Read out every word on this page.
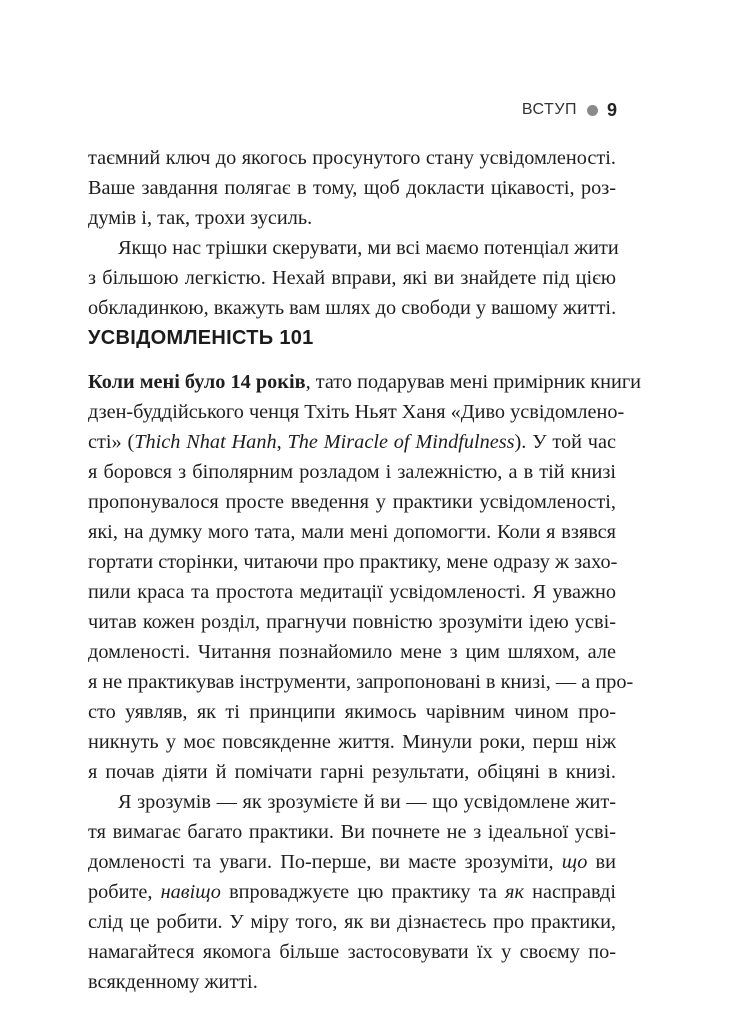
ВСТУП 9
таємний ключ до якогось просунутого стану усвідомленості.
Ваше завдання полягає в тому, щоб докласти цікавості, роз-
думів і, так, трохи зусиль.
Якщо нас трішки скерувати, ми всі маємо потенціал жити
з більшою легкістю. Нехай вправи, які ви знайдете під цією
обкладинкою, вкажуть вам шлях до свободи у вашому житті.
УСВІДОМЛЕНІСТЬ 101
Коли мені було 14 років, тато подарував мені примірник книги
дзен-буддійського ченця Тхіть Ньят Ханя «Диво усвідомлено-
сті» (Thich Nhat Hanh, The Miracle of Mindfulness). У той час
я боровся з біполярним розладом і залежністю, а в тій книзі
пропонувалося просте введення у практики усвідомленості,
які, на думку мого тата, мали мені допомогти. Коли я взявся
гортати сторінки, читаючи про практику, мене одразу ж захо-
пили краса та простота медитації усвідомленості. Я уважно
читав кожен розділ, прагнучи повністю зрозуміти ідею усві-
домленості. Читання познайомило мене з цим шляхом, але
я не практикував інструменти, запропоновані в книзі, — а про-
сто уявляв, як ті принципи якимось чарівним чином про-
никнуть у моє повсякденне життя. Минули роки, перш ніж
я почав діяти й помічати гарні результати, обіцяні в книзі.
Я зрозумів — як зрозумієте й ви — що усвідомлене жит-
тя вимагає багато практики. Ви почнете не з ідеальної усві-
домленості та уваги. По-перше, ви маєте зрозуміти, що ви
робите, навіщо впроваджуєте цю практику та як насправді
слід це робити. У міру того, як ви дізнаєтесь про практики,
намагайтеся якомога більше застосовувати їх у своєму по-
всякденному житті.
